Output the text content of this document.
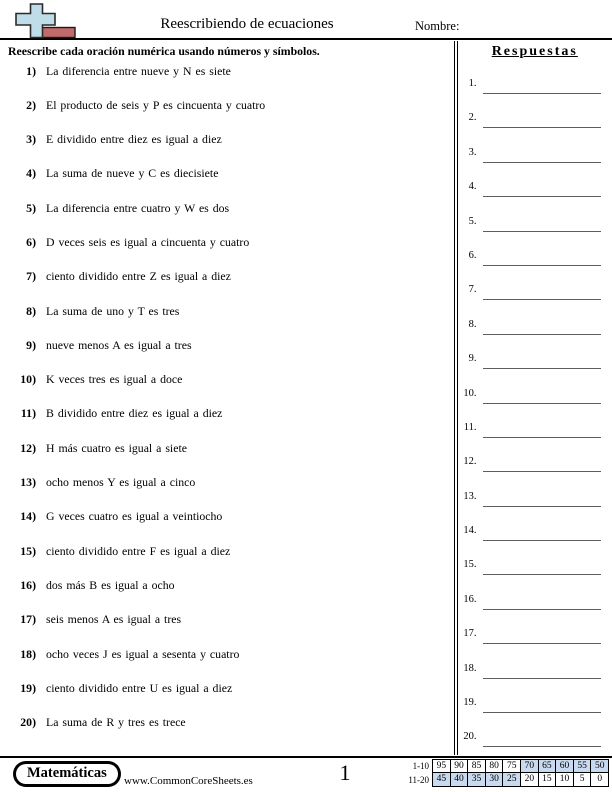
Reescribiendo de ecuaciones	Nombre:
Reescribe cada oración numérica usando números y símbolos.
1) La diferencia entre nueve y N es siete
2) El producto de seis y P es cincuenta y cuatro
3) E dividido entre diez es igual a diez
4) La suma de nueve y C es diecisiete
5) La diferencia entre cuatro y W es dos
6) D veces seis es igual a cincuenta y cuatro
7) ciento dividido entre Z es igual a diez
8) La suma de uno y T es tres
9) nueve menos A es igual a tres
10) K veces tres es igual a doce
11) B dividido entre diez es igual a diez
12) H más cuatro es igual a siete
13) ocho menos Y es igual a cinco
14) G veces cuatro es igual a veintiocho
15) ciento dividido entre F es igual a diez
16) dos más B es igual a ocho
17) seis menos A es igual a tres
18) ocho veces J es igual a sesenta y cuatro
19) ciento dividido entre U es igual a diez
20) La suma de R y tres es trece
Respuestas
1.
2.
3.
4.
5.
6.
7.
8.
9.
10.
11.
12.
13.
14.
15.
16.
17.
18.
19.
20.
Matemáticas	www.CommonCoreSheets.es	1	1-10 95 90 85 80 75 70 65 60 55 50
11-20 45 40 35 30 25 20 15 10	5	0
